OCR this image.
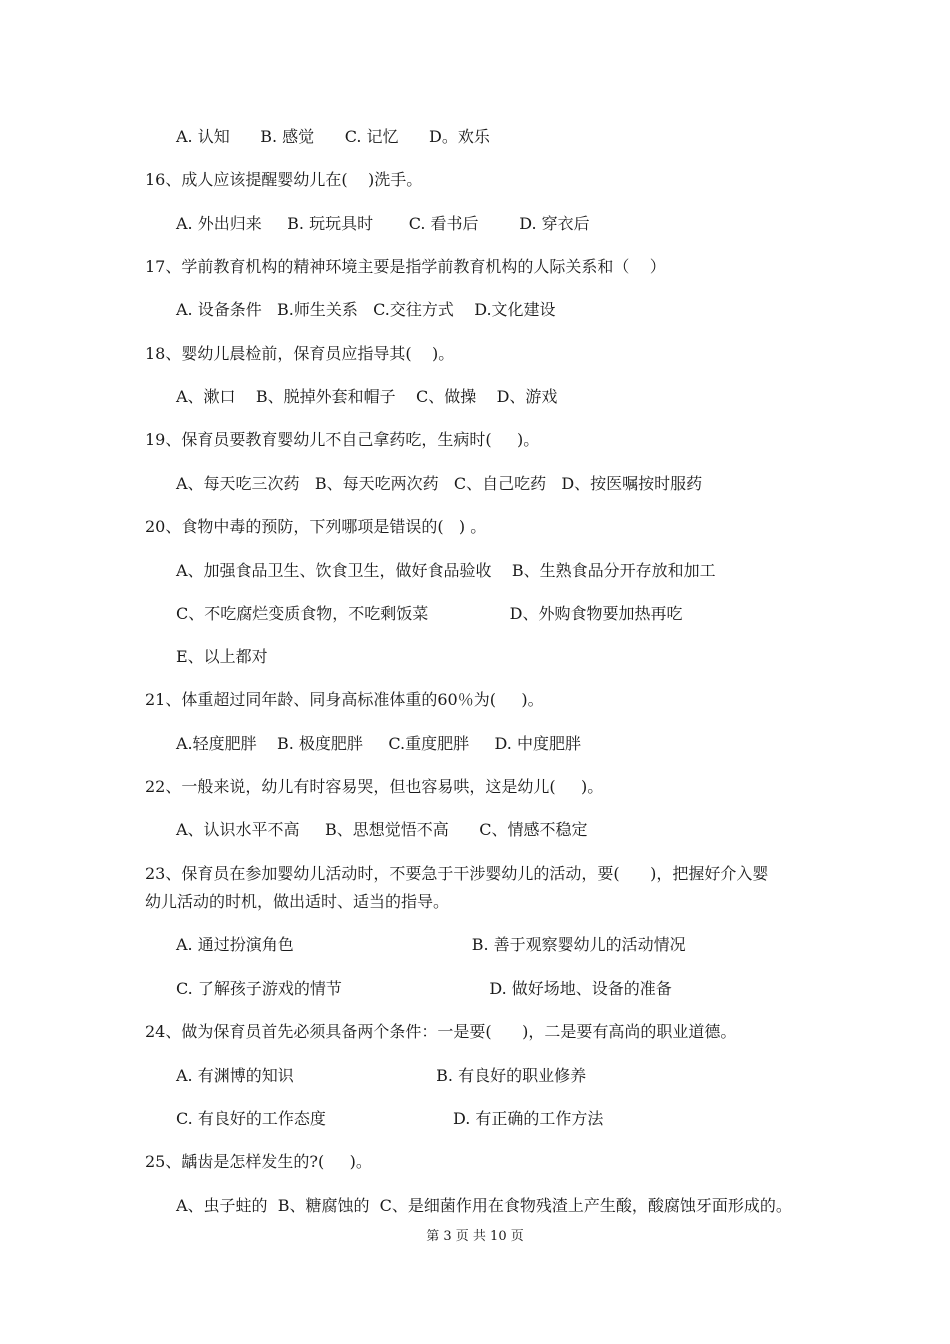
A. 认知      B. 感觉      C. 记忆      D。欢乐

16、成人应该提醒婴幼儿在(    )洗手。

A. 外出归来     B. 玩玩具时       C. 看书后        D. 穿衣后

17、学前教育机构的精神环境主要是指学前教育机构的人际关系和（    ）

A. 设备条件   B.师生关系   C.交往方式    D.文化建设

18、婴幼儿晨检前，保育员应指导其(    )。

A、漱口    B、脱掉外套和帽子    C、做操    D、游戏

19、保育员要教育婴幼儿不自己拿药吃，生病时(     )。

A、每天吃三次药   B、每天吃两次药   C、自己吃药   D、按医嘱按时服药

20、食物中毒的预防，下列哪项是错误的(   ) 。

A、加强食品卫生、饮食卫生，做好食品验收    B、生熟食品分开存放和加工

C、不吃腐烂变质食物，不吃剩饭菜                D、外购食物要加热再吃

E、以上都对

21、体重超过同年龄、同身高标准体重的60％为(     )。

A.轻度肥胖    B. 极度肥胖     C.重度肥胖     D. 中度肥胖

22、一般来说，幼儿有时容易哭，但也容易哄，这是幼儿(     )。

A、认识水平不高     B、思想觉悟不高      C、情感不稳定

23、保育员在参加婴幼儿活动时，不要急于干涉婴幼儿的活动，要(      )，把握好介入婴

幼儿活动的时机，做出适时、适当的指导。

A. 通过扮演角色                                   B. 善于观察婴幼儿的活动情况

C. 了解孩子游戏的情节                             D. 做好场地、设备的准备

24、做为保育员首先必须具备两个条件：一是要(      )，二是要有高尚的职业道德。

A. 有渊博的知识                            B. 有良好的职业修养

C. 有良好的工作态度                         D. 有正确的工作方法

25、龋齿是怎样发生的?(     )。

A、虫子蛀的  B、糖腐蚀的  C、是细菌作用在食物残渣上产生酸，酸腐蚀牙面形成的。

第 3 页 共 10 页
